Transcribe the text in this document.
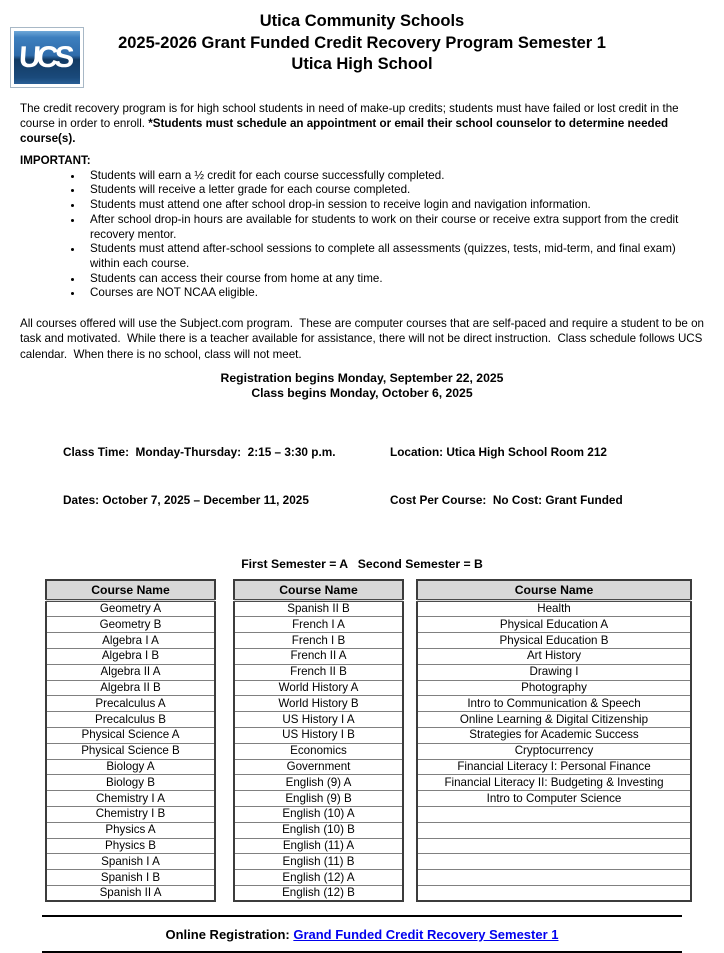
UCS
Utica Community Schools
2025-2026 Grant Funded Credit Recovery Program Semester 1
Utica High School

The credit recovery program is for high school students in need of make-up credits; students must have failed or lost credit in the course in order to enroll. *Students must schedule an appointment or email their school counselor to determine needed course(s).

IMPORTANT:
• Students will earn a ½ credit for each course successfully completed.
• Students will receive a letter grade for each course completed.
• Students must attend one after school drop-in session to receive login and navigation information.
• After school drop-in hours are available for students to work on their course or receive extra support from the credit recovery mentor.
• Students must attend after-school sessions to complete all assessments (quizzes, tests, mid-term, and final exam) within each course.
• Students can access their course from home at any time.
• Courses are NOT NCAA eligible.

All courses offered will use the Subject.com program.  These are computer courses that are self-paced and require a student to be on task and motivated.  While there is a teacher available for assistance, there will not be direct instruction.  Class schedule follows UCS calendar.  When there is no school, class will not meet.

Registration begins Monday, September 22, 2025
Class begins Monday, October 6, 2025

Class Time:  Monday-Thursday:  2:15 – 3:30 p.m.

Dates: October 7, 2025 – December 11, 2025

Location: Utica High School Room 212

Cost Per Course:  No Cost: Grant Funded

First Semester = A   Second Semester = B
Course Name
Geometry A
Geometry B
Algebra I A
Algebra I B
Algebra II A
Algebra II B
Precalculus A
Precalculus B
Physical Science A
Physical Science B
Biology A
Biology B
Chemistry I A
Chemistry I B
Physics A
Physics B
Spanish I A
Spanish I B
Spanish II A
Course Name
Spanish II B
French I A
French I B
French II A
French II B
World History A
World History B
US History I A
US History I B
Economics
Government
English (9) A
English (9) B
English (10) A
English (10) B
English (11) A
English (11) B
English (12) A
English (12) B
Course Name
Health
Physical Education A
Physical Education B
Art History
Drawing I
Photography
Intro to Communication & Speech
Online Learning & Digital Citizenship
Strategies for Academic Success
Cryptocurrency
Financial Literacy I: Personal Finance
Financial Literacy II: Budgeting & Investing
Intro to Computer Science

Online Registration: Grand Funded Credit Recovery Semester 1
